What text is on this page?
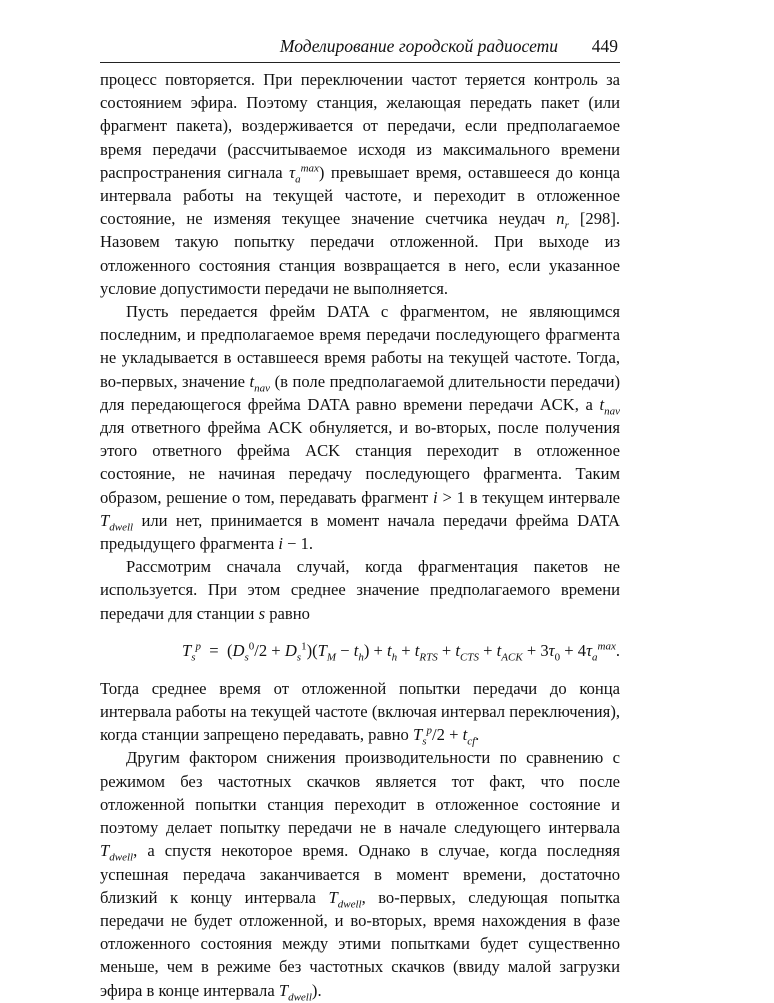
Моделирование городской радиосети 449

процесс повторяется. При переключении частот теряется контроль за состоянием эфира. Поэтому станция, желающая передать пакет (или фрагмент пакета), воздерживается от передачи, если предполагаемое время передачи (рассчитываемое исходя из максимального времени распространения сигнала $\tau_a^{max}$) превышает время, оставшееся до конца интервала работы на текущей частоте, и переходит в отложенное состояние, не изменяя текущее значение счетчика неудач $n_r$ [298]. Назовем такую попытку передачи отложенной. При выходе из отложенного состояния станция возвращается в него, если указанное условие допустимости передачи не выполняется.

Пусть передается фрейм DATA с фрагментом, не являющимся последним, и предполагаемое время передачи последующего фрагмента не укладывается в оставшееся время работы на текущей частоте. Тогда, во-первых, значение $t_{nav}$ (в поле предполагаемой длительности передачи) для передающегося фрейма DATA равно времени передачи ACK, а $t_{nav}$ для ответного фрейма ACK обнуляется, и во-вторых, после получения этого ответного фрейма ACK станция переходит в отложенное состояние, не начиная передачу последующего фрагмента. Таким образом, решение о том, передавать фрагмент i > 1 в текущем интервале $T_{dwell}$ или нет, принимается в момент начала передачи фрейма DATA предыдущего фрагмента i − 1.

Рассмотрим сначала случай, когда фрагментация пакетов не используется. При этом среднее значение предполагаемого времени передачи для станции s равно

$T_s^p = (D_s^0/2 + D_s^1)(T_M - t_h) + t_h + t_{RTS} + t_{CTS} + t_{ACK} + 3\tau_0 + 4\tau_a^{max}$.

Тогда среднее время от отложенной попытки передачи до конца интервала работы на текущей частоте (включая интервал переключения), когда станции запрещено передавать, равно $T_s^p/2 + t_{cf}$.

Другим фактором снижения производительности по сравнению с режимом без частотных скачков является тот факт, что после отложенной попытки станция переходит в отложенное состояние и поэтому делает попытку передачи не в начале следующего интервала $T_{dwell}$, а спустя некоторое время. Однако в случае, когда последняя успешная передача заканчивается в момент времени, достаточно близкий к концу интервала $T_{dwell}$, во-первых, следующая попытка передачи не будет отложенной, и во-вторых, время нахождения в фазе отложенного состояния между этими попытками будет существенно меньше, чем в режиме без частотных скачков (ввиду малой загрузки эфира в конце интервала $T_{dwell}$).
